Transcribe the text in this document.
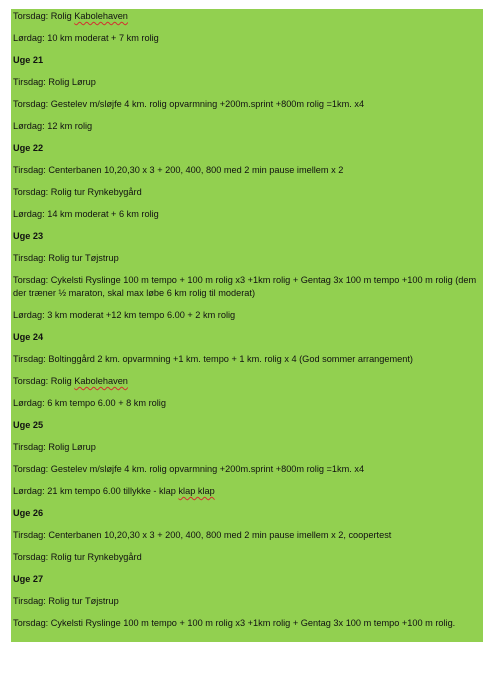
Torsdag: Rolig Kabolehaven
Lørdag: 10 km moderat + 7 km rolig
Uge 21
Tirsdag: Rolig Lørup
Torsdag: Gestelev m/sløjfe 4 km. rolig opvarmning +200m.sprint +800m rolig =1km. x4
Lørdag: 12 km rolig
Uge 22
Tirsdag: Centerbanen 10,20,30 x 3 + 200, 400, 800 med 2 min pause imellem x 2
Torsdag: Rolig tur Rynkebygård
Lørdag: 14 km moderat + 6 km rolig
Uge 23
Tirsdag: Rolig tur Tøjstrup
Torsdag: Cykelsti Ryslinge 100 m tempo + 100 m rolig x3 +1km rolig + Gentag 3x 100 m tempo +100 m rolig (dem der træner ½ maraton, skal max løbe 6 km rolig til moderat)
Lørdag: 3 km moderat +12 km tempo 6.00 + 2 km rolig
Uge 24
Tirsdag: Boltinggård 2 km. opvarmning +1 km. tempo + 1 km. rolig x 4 (God sommer arrangement)
Torsdag: Rolig Kabolehaven
Lørdag: 6 km tempo 6.00 + 8 km rolig
Uge 25
Tirsdag: Rolig Lørup
Torsdag: Gestelev m/sløjfe 4 km. rolig opvarmning +200m.sprint +800m rolig =1km. x4
Lørdag: 21 km tempo 6.00 tillykke - klap klap klap
Uge 26
Tirsdag: Centerbanen 10,20,30 x 3 + 200, 400, 800 med 2 min pause imellem x 2, coopertest
Torsdag: Rolig tur Rynkebygård
Uge 27
Tirsdag: Rolig tur Tøjstrup
Torsdag: Cykelsti Ryslinge 100 m tempo + 100 m rolig x3 +1km rolig + Gentag 3x 100 m tempo +100 m rolig.
